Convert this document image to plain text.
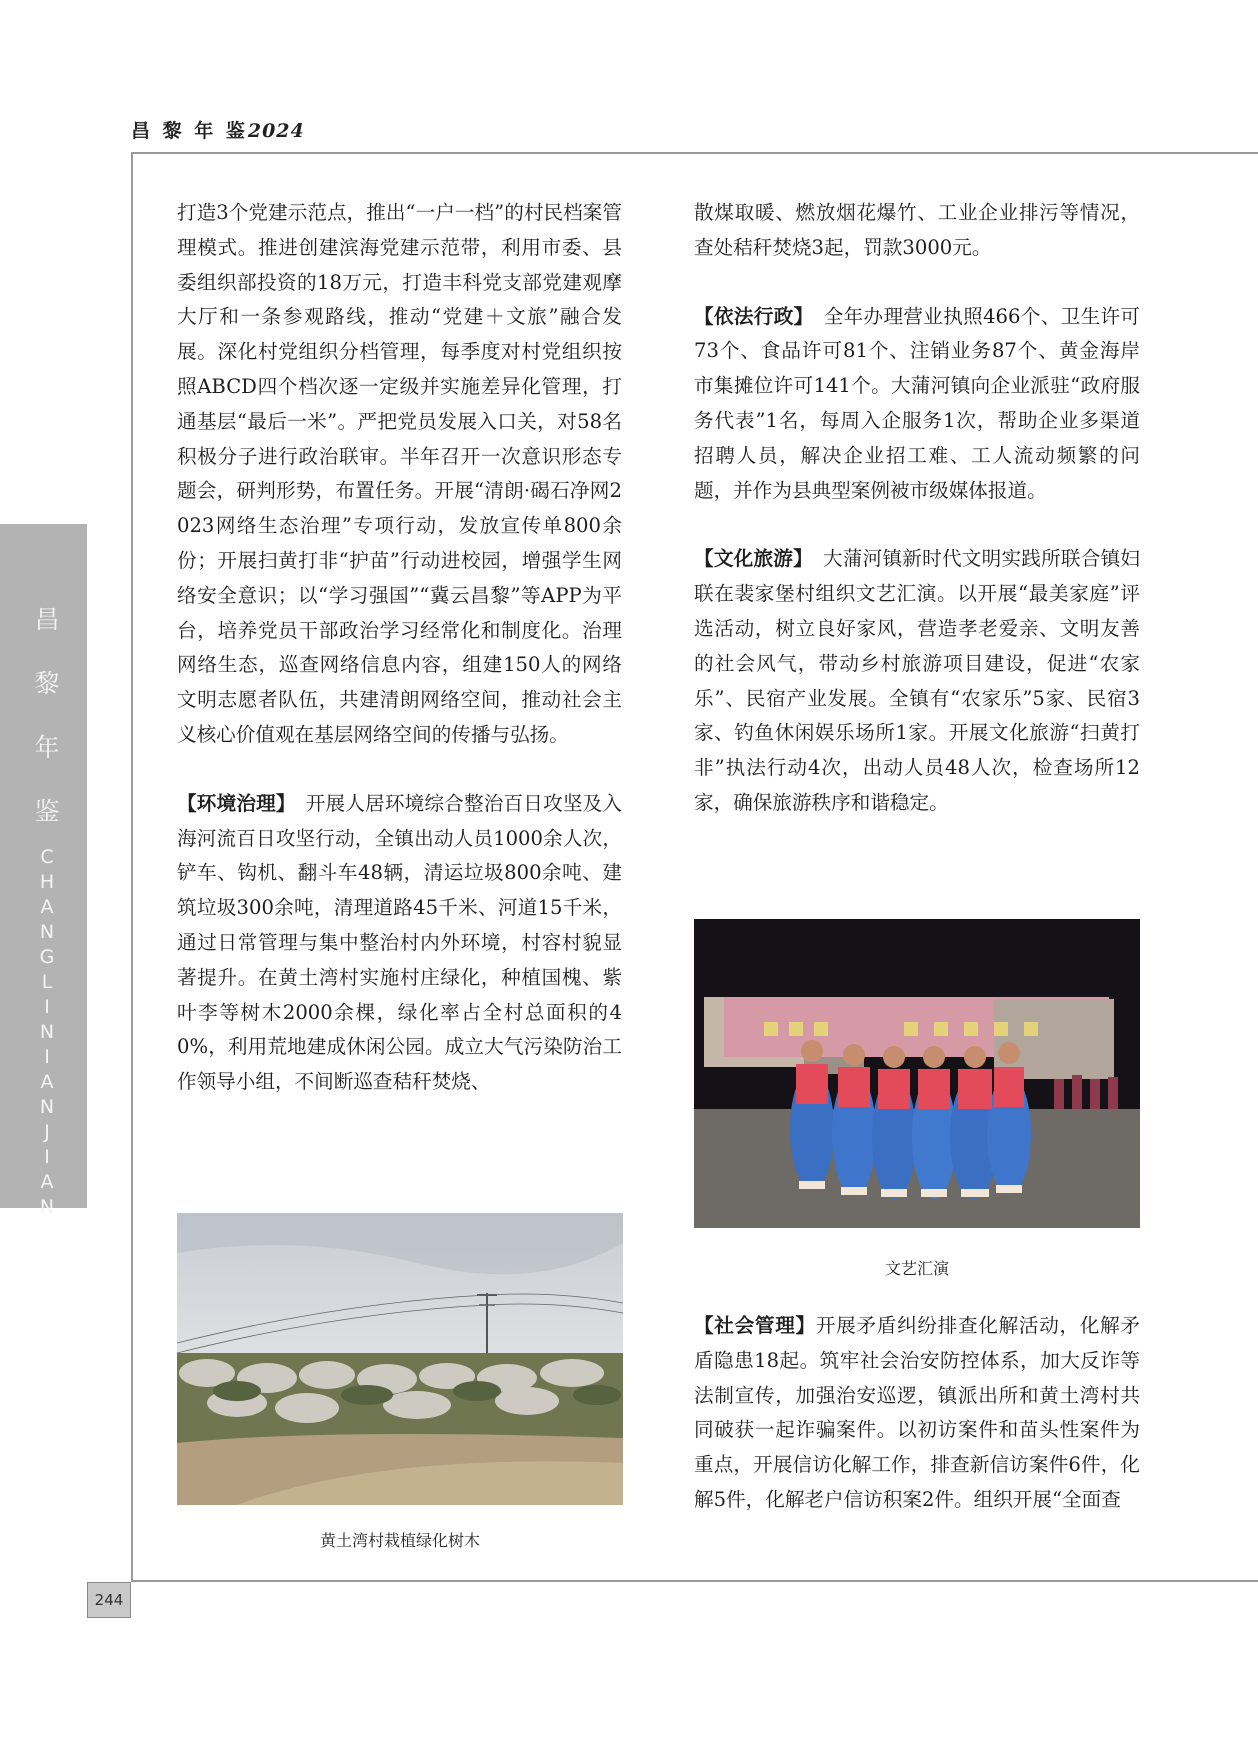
昌 黎 年 鉴2024
昌
黎
年
鉴
C
H
A
N
G
L
I
N
I
A
N
J
I
A
N
244

打造3个党建示范点，推出“一户一档”的村民档案管理模式。推进创建滨海党建示范带，利用市委、县委组织部投资的18万元，打造丰科党支部党建观摩大厅和一条参观路线，推动“党建＋文旅”融合发展。深化村党组织分档管理，每季度对村党组织按照ABCD四个档次逐一定级并实施差异化管理，打通基层“最后一米”。严把党员发展入口关，对58名积极分子进行政治联审。半年召开一次意识形态专题会，研判形势，布置任务。开展“清朗·碣石净网2023网络生态治理”专项行动，发放宣传单800余份；开展扫黄打非“护苗”行动进校园，增强学生网络安全意识；以“学习强国”“冀云昌黎”等APP为平台，培养党员干部政治学习经常化和制度化。治理网络生态，巡查网络信息内容，组建150人的网络文明志愿者队伍，共建清朗网络空间，推动社会主义核心价值观在基层网络空间的传播与弘扬。

【环境治理】　 开展人居环境综合整治百日攻坚及入海河流百日攻坚行动，全镇出动人员1000余人次，铲车、钩机、翻斗车48辆，清运垃圾800余吨、建筑垃圾300余吨，清理道路45千米、河道15千米，通过日常管理与集中整治村内外环境，村容村貌显著提升。在黄土湾村实施村庄绿化，种植国槐、紫叶李等树木2000余棵，绿化率占全村总面积的40%，利用荒地建成休闲公园。成立大气污染防治工作领导小组，不间断巡查秸秆焚烧、

黄土湾村栽植绿化树木

散煤取暖、燃放烟花爆竹、工业企业排污等情况，查处秸秆焚烧3起，罚款3000元。

【依法行政】　 全年办理营业执照466个、卫生许可73个、食品许可81个、注销业务87个、黄金海岸市集摊位许可141个。大蒲河镇向企业派驻“政府服务代表”1名，每周入企服务1次，帮助企业多渠道招聘人员，解决企业招工难、工人流动频繁的问题，并作为县典型案例被市级媒体报道。

【文化旅游】　 大蒲河镇新时代文明实践所联合镇妇联在裴家堡村组织文艺汇演。以开展“最美家庭”评选活动，树立良好家风，营造孝老爱亲、文明友善的社会风气，带动乡村旅游项目建设，促进“农家乐”、民宿产业发展。全镇有“农家乐”5家、民宿3家、钓鱼休闲娱乐场所1家。开展文化旅游“扫黄打非”执法行动4次，出动人员48人次，检查场所12家，确保旅游秩序和谐稳定。

文艺汇演

【社会管理】开展矛盾纠纷排查化解活动，化解矛盾隐患18起。筑牢社会治安防控体系，加大反诈等法制宣传，加强治安巡逻，镇派出所和黄土湾村共同破获一起诈骗案件。以初访案件和苗头性案件为重点，开展信访化解工作，排查新信访案件6件，化解5件，化解老户信访积案2件。组织开展“全面查
